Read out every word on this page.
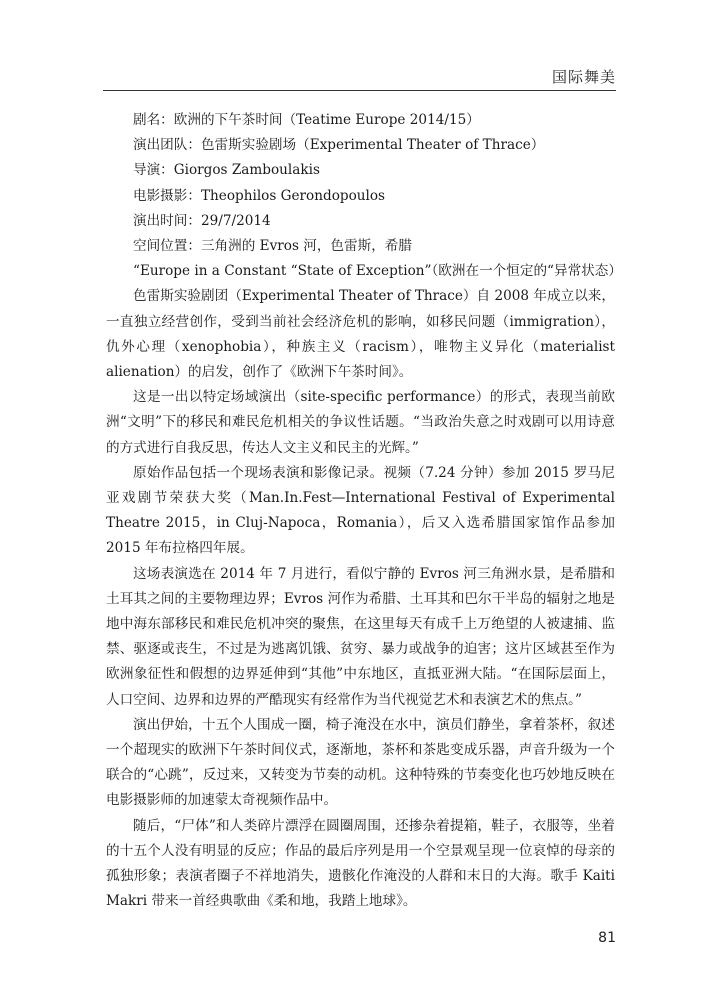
国际舞美
剧名：欧洲的下午茶时间（Teatime Europe 2014/15）
演出团队：色雷斯实验剧场（Experimental Theater of Thrace）
导演：Giorgos Zamboulakis
电影摄影：Theophilos Gerondopoulos
演出时间：29/7/2014
空间位置：三角洲的 Evros 河，色雷斯，希腊
“Europe in a Constant “State of Exception”（欧洲在一个恒定的“异常状态）

色雷斯实验剧团（Experimental Theater of Thrace）自 2008 年成立以来，一直独立经营创作，受到当前社会经济危机的影响，如移民问题（immigration），仇外心理（xenophobia），种族主义（racism），唯物主义异化（materialist alienation）的启发，创作了《欧洲下午茶时间》。

这是一出以特定场域演出（site-specific performance）的形式，表现当前欧洲“文明”下的移民和难民危机相关的争议性话题。“当政治失意之时戏剧可以用诗意的方式进行自我反思，传达人文主义和民主的光辉。”

原始作品包括一个现场表演和影像记录。视频（7.24 分钟）参加 2015 罗马尼亚戏剧节荣获大奖（Man.In.Fest—International Festival of Experimental Theatre 2015，in Cluj-Napoca，Romania），后又入选希腊国家馆作品参加 2015 年布拉格四年展。

这场表演选在 2014 年 7 月进行，看似宁静的 Evros 河三角洲水景，是希腊和土耳其之间的主要物理边界；Evros 河作为希腊、土耳其和巴尔干半岛的辐射之地是地中海东部移民和难民危机冲突的聚焦，在这里每天有成千上万绝望的人被逮捕、监禁、驱逐或丧生，不过是为逃离饥饿、贫穷、暴力或战争的迫害；这片区域甚至作为欧洲象征性和假想的边界延伸到“其他”中东地区，直抵亚洲大陆。“在国际层面上，人口空间、边界和边界的严酷现实有经常作为当代视觉艺术和表演艺术的焦点。”

演出伊始，十五个人围成一圈，椅子淹没在水中，演员们静坐，拿着茶杯，叙述一个超现实的欧洲下午茶时间仪式，逐渐地，茶杯和茶匙变成乐器，声音升级为一个联合的“心跳”，反过来，又转变为节奏的动机。这种特殊的节奏变化也巧妙地反映在电影摄影师的加速蒙太奇视频作品中。

随后，“尸体”和人类碎片漂浮在圆圈周围，还掺杂着提箱，鞋子，衣服等，坐着的十五个人没有明显的反应；作品的最后序列是用一个空景观呈现一位哀悼的母亲的孤独形象；表演者圈子不祥地消失，遗骸化作淹没的人群和末日的大海。歌手 Kaiti Makri 带来一首经典歌曲《柔和地，我踏上地球》。

81
